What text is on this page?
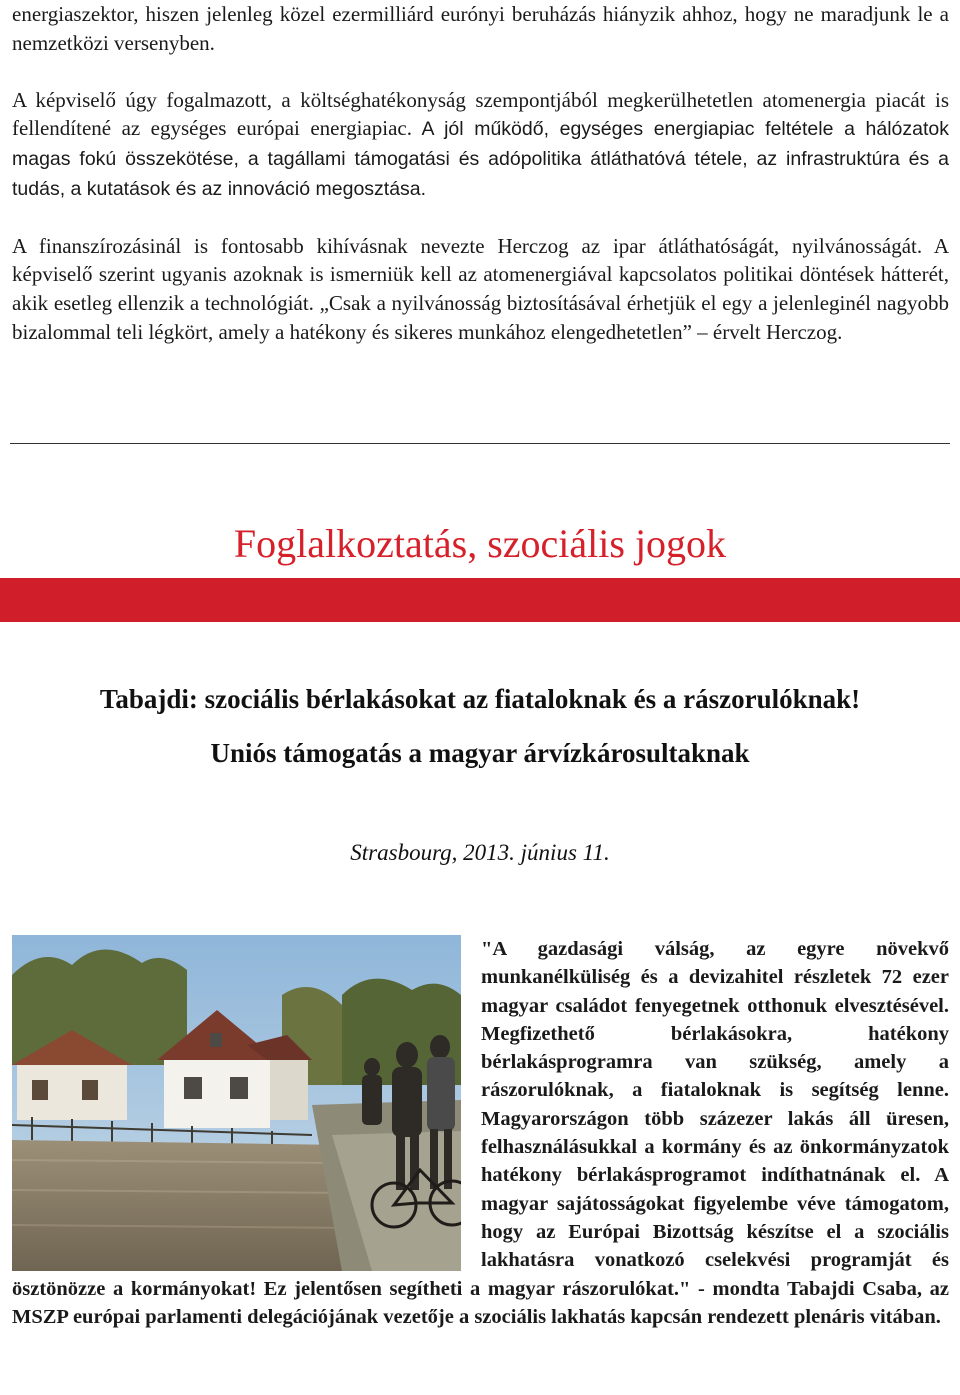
energiaszektor, hiszen jelenleg közel ezermilliárd eurónyi beruházás hiányzik ahhoz, hogy ne maradjunk le a nemzetközi versenyben.

A képviselő úgy fogalmazott, a költséghatékonyság szempontjából megkerülhetetlen atomenergia piacát is fellendítené az egységes európai energiapiac. A jól működő, egységes energiapiac feltétele a hálózatok magas fokú összekötése, a tagállami támogatási és adópolitika átláthatóvá tétele, az infrastruktúra és a tudás, a kutatások és az innováció megosztása.

A finanszírozásinál is fontosabb kihívásnak nevezte Herczog az ipar átláthatóságát, nyilvánosságát. A képviselő szerint ugyanis azoknak is ismerniük kell az atomenergiával kapcsolatos politikai döntések hátterét, akik esetleg ellenzik a technológiát. „Csak a nyilvánosság biztosításával érhetjük el egy a jelenleginél nagyobb bizalommal teli légkört, amely a hatékony és sikeres munkához elengedhetetlen” – érvelt Herczog.

Foglalkoztatás, szociális jogok
Tabajdi: szociális bérlakásokat az fiataloknak és a rászorulóknak!
Uniós támogatás a magyar árvízkárosultaknak
Strasbourg, 2013. június 11.

"A gazdasági válság, az egyre növekvő munkanélküliség és a devizahitel részletek 72 ezer magyar családot fenyegetnek otthonuk elvesztésével. Megfizethető bérlakásokra, hatékony bérlakásprogramra van szükség, amely a rászorulóknak, a fiataloknak is segítség lenne. Magyarországon több százezer lakás áll üresen, felhasználásukkal a kormány és az önkormányzatok hatékony bérlakásprogramot indíthatnának el. A magyar sajátosságokat figyelembe véve támogatom, hogy az Európai Bizottság készítse el a szociális lakhatásra vonatkozó cselekvési programját és ösztönözze a kormányokat! Ez jelentősen segítheti a magyar rászorulókat." - mondta Tabajdi Csaba, az MSZP európai parlamenti delegációjának vezetője a szociális lakhatás kapcsán rendezett plenáris vitában.
